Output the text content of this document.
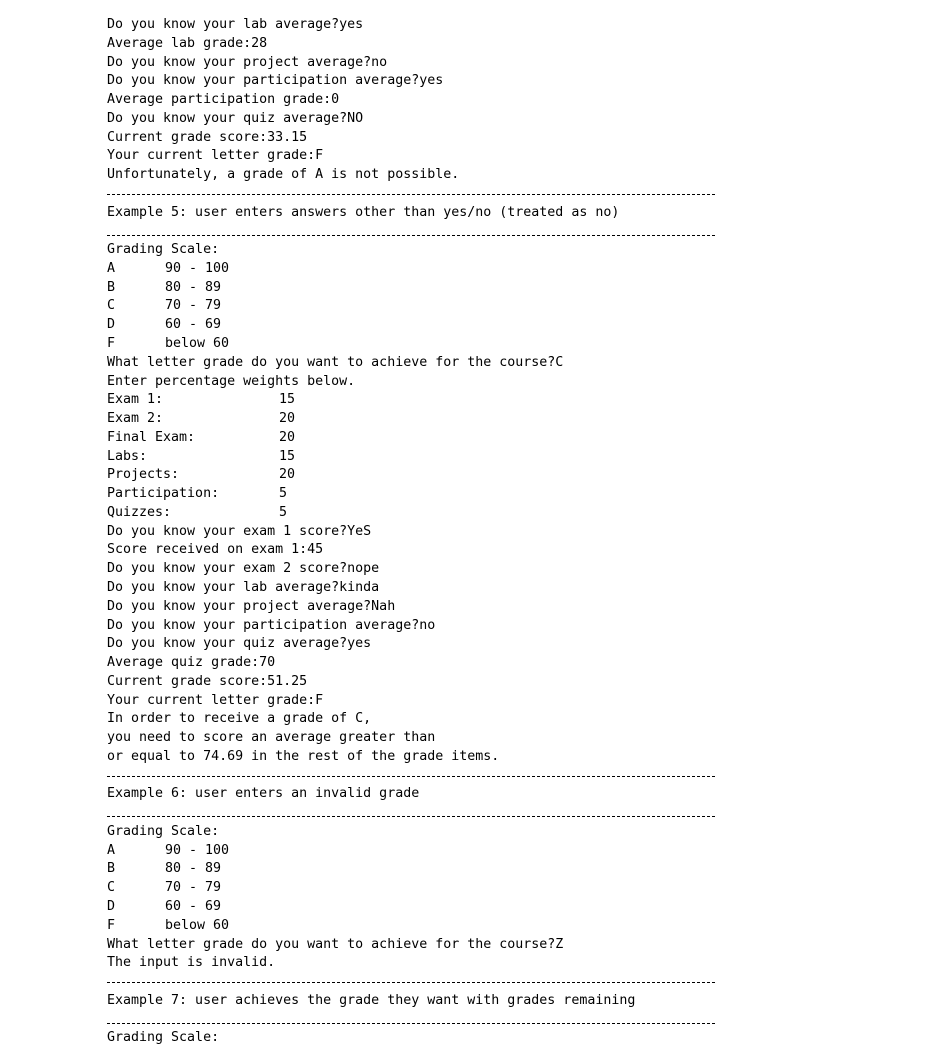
Do you know your lab average?yes
Average lab grade:28
Do you know your project average?no
Do you know your participation average?yes
Average participation grade:0
Do you know your quiz average?NO
Current grade score:33.15
Your current letter grade:F
Unfortunately, a grade of A is not possible.
Example 5: user enters answers other than yes/no (treated as no)
Grading Scale:
A	90 - 100
B	80 - 89
C	70 - 79
D	60 - 69
F	below 60
What letter grade do you want to achieve for the course?C
Enter percentage weights below.
Exam 1:	15
Exam 2:	20
Final Exam:	20
Labs:	15
Projects:	20
Participation:	5
Quizzes:	5
Do you know your exam 1 score?YeS
Score received on exam 1:45
Do you know your exam 2 score?nope
Do you know your lab average?kinda
Do you know your project average?Nah
Do you know your participation average?no
Do you know your quiz average?yes
Average quiz grade:70
Current grade score:51.25
Your current letter grade:F
In order to receive a grade of C,
you need to score an average greater than
or equal to 74.69 in the rest of the grade items.
Example 6: user enters an invalid grade
Grading Scale:
A	90 - 100
B	80 - 89
C	70 - 79
D	60 - 69
F	below 60
What letter grade do you want to achieve for the course?Z
The input is invalid.
Example 7: user achieves the grade they want with grades remaining
Grading Scale:
